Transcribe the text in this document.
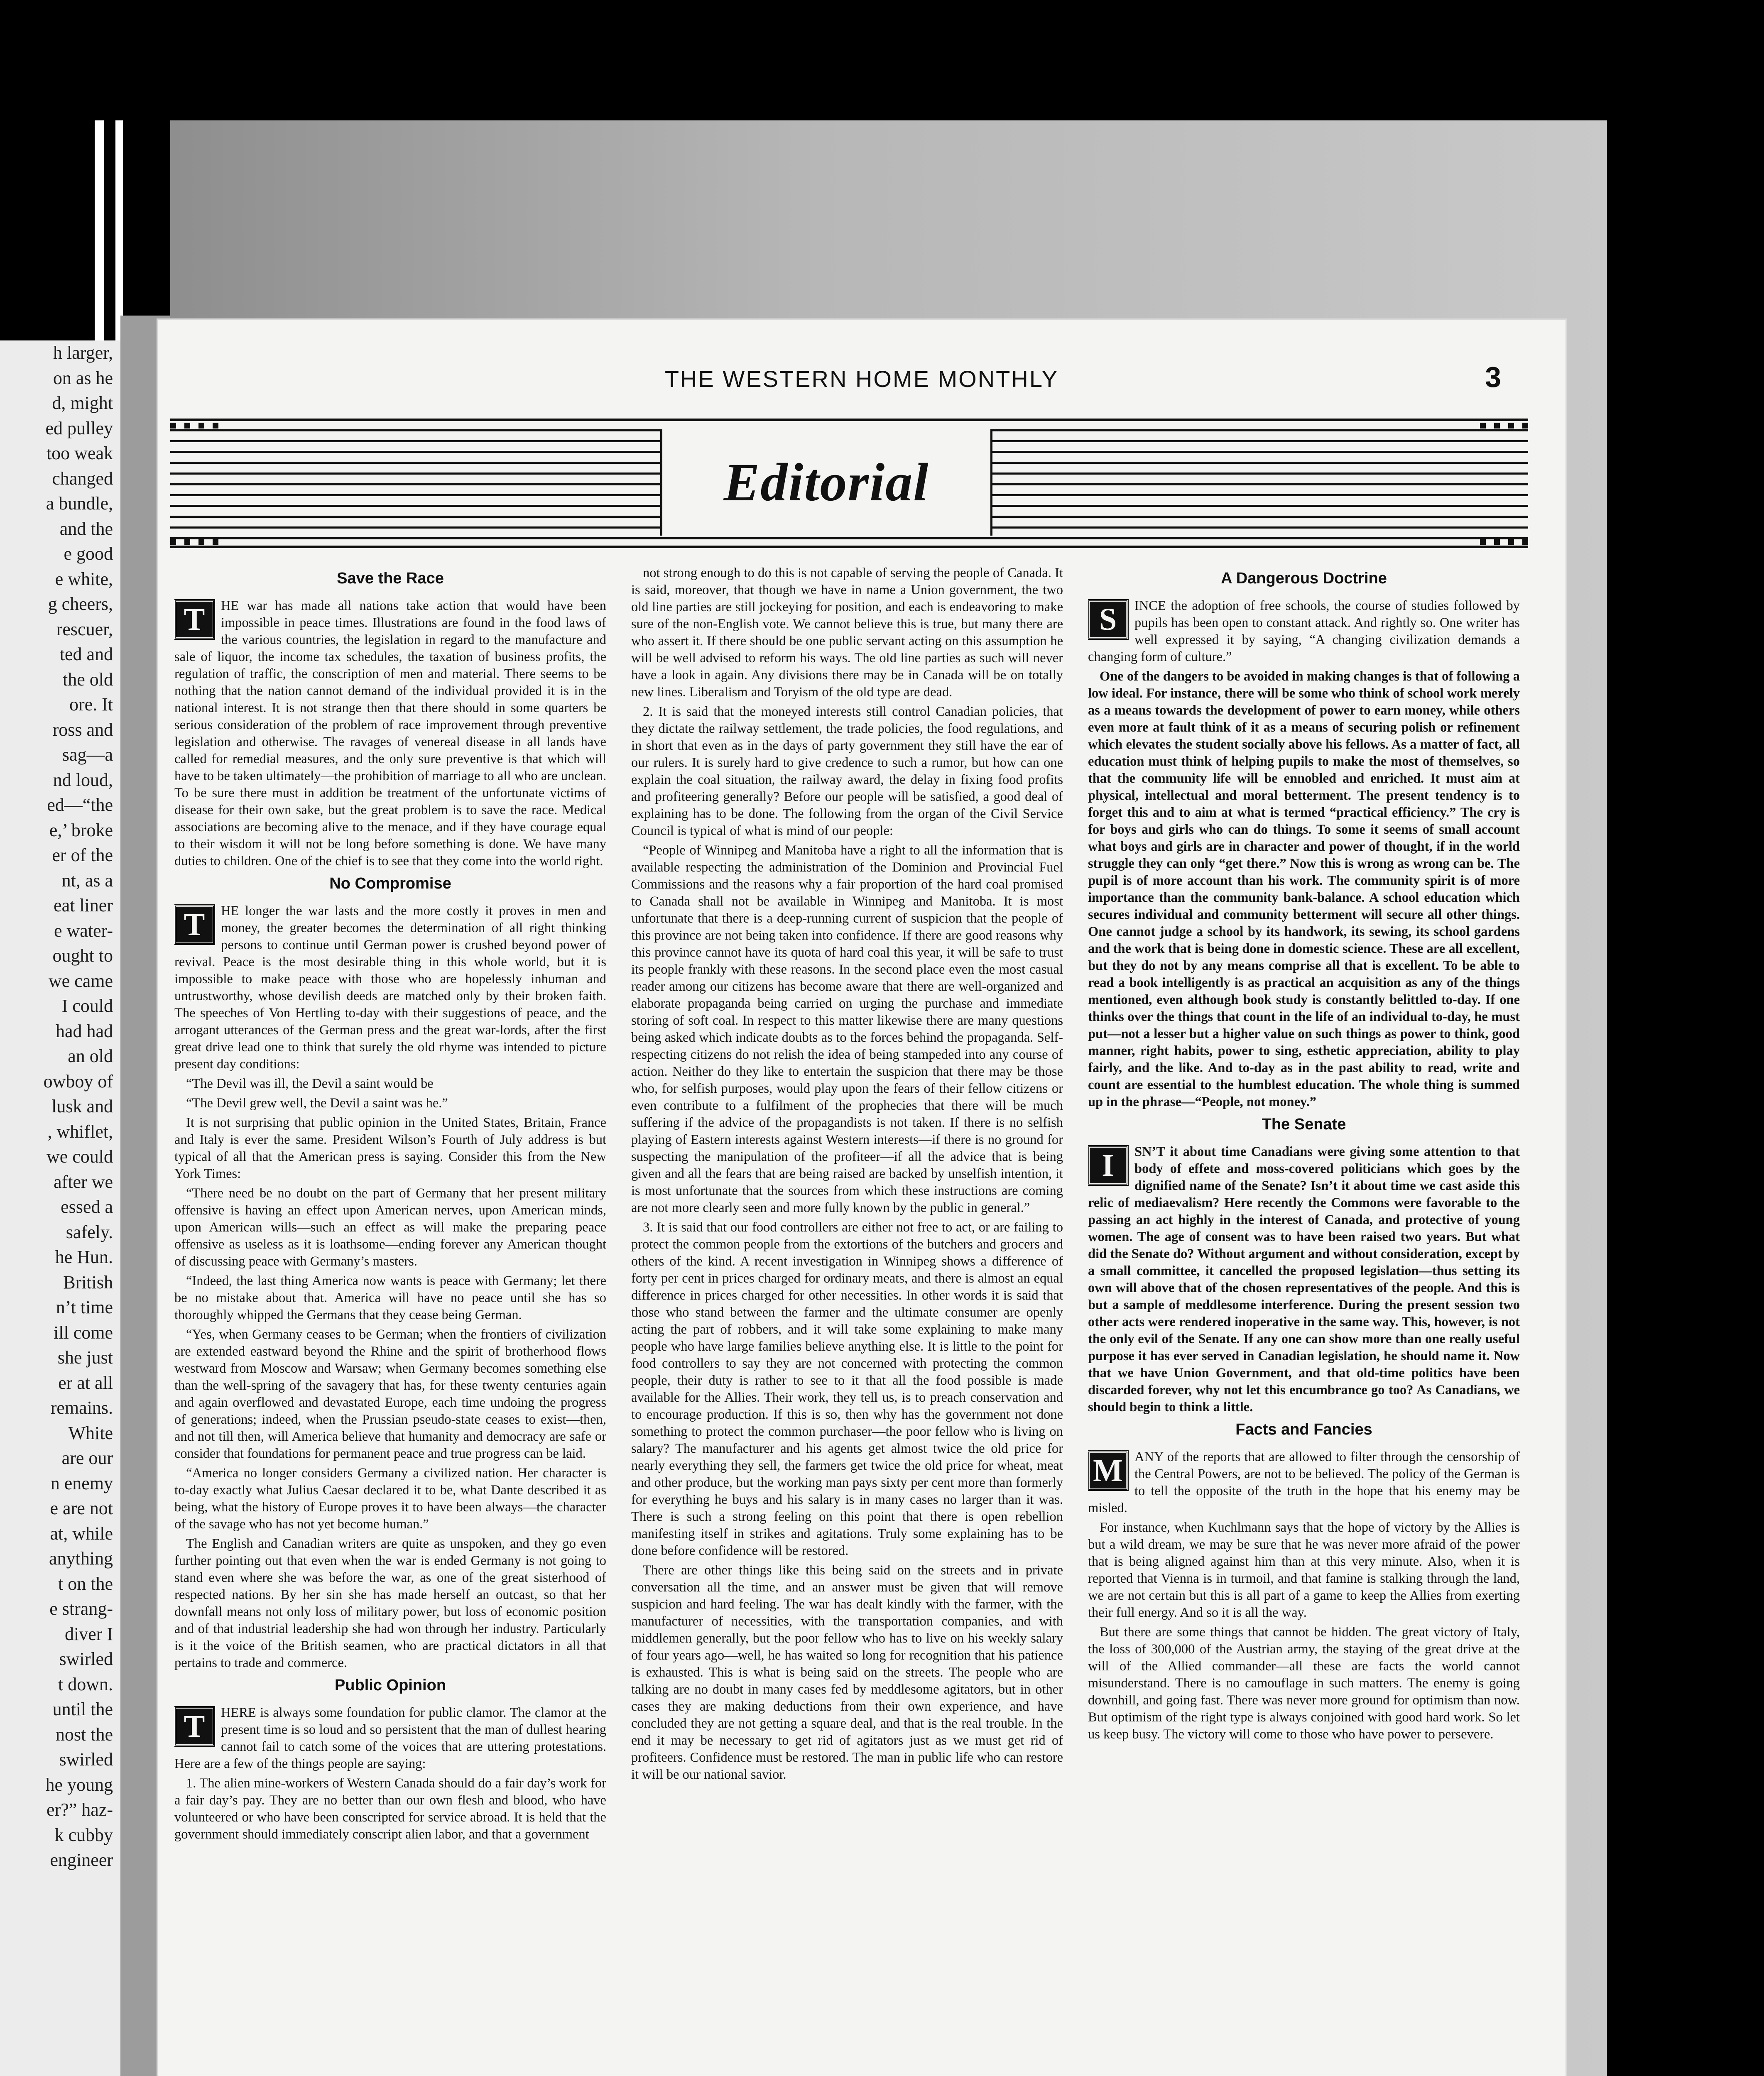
h larger,
on as he
d, might
ed pulley
too weak
changed
a bundle,
and the
e good
e white,
g cheers,
rescuer,
ted and
the old
ore. It
ross and
sag—a
nd loud,
ed—“the
e,’ broke
er of the
nt, as a
eat liner
e water-
ought to
we came
I could
had had
an old
owboy of
lusk and
, whiflet,
we could
after we
essed a
safely.
he Hun.
British
n’t time
ill come
she just
er at all
remains.
White
are our
n enemy
e are not
at, while
anything
t on the
e strang-
diver I
swirled
t down.
until the
nost the
swirled
he young
er?” haz-
k cubby
engineer
THE WESTERN HOME MONTHLY	3
Editorial
Save the Race
T	HE war has made all nations take action that would have been impossible in peace times. Illustrations are found in the food laws of the various countries, the legislation in regard to the manufacture and sale of liquor, the income tax schedules, the taxation of business profits, the regulation of traffic, the conscription of men and material. There seems to be nothing that the nation cannot demand of the individual provided it is in the national interest. It is not strange then that there should in some quarters be serious consideration of the problem of race improvement through preventive legislation and otherwise. The ravages of venereal disease in all lands have called for remedial measures, and the only sure preventive is that which will have to be taken ultimately—the prohibition of marriage to all who are unclean. To be sure there must in addition be treatment of the unfortunate victims of disease for their own sake, but the great problem is to save the race. Medical associations are becoming alive to the menace, and if they have courage equal to their wisdom it will not be long before something is done. We have many duties to children. One of the chief is to see that they come into the world right.
No Compromise
T	HE longer the war lasts and the more costly it proves in men and money, the greater becomes the determination of all right thinking persons to continue until German power is crushed beyond power of revival. Peace is the most desirable thing in this whole world, but it is impossible to make peace with those who are hopelessly inhuman and untrustworthy, whose devilish deeds are matched only by their broken faith. The speeches of Von Hertling to-day with their suggestions of peace, and the arrogant utterances of the German press and the great war-lords, after the first great drive lead one to think that surely the old rhyme was intended to picture present day conditions:
“The Devil was ill, the Devil a saint would be
“The Devil grew well, the Devil a saint was he.”
It is not surprising that public opinion in the United States, Britain, France and Italy is ever the same. President Wilson’s Fourth of July address is but typical of all that the American press is saying. Consider this from the New York Times:
“There need be no doubt on the part of Germany that her present military offensive is having an effect upon American nerves, upon American minds, upon American wills—such an effect as will make the preparing peace offensive as useless as it is loathsome—ending forever any American thought of discussing peace with Germany’s masters.
“Indeed, the last thing America now wants is peace with Germany; let there be no mistake about that. America will have no peace until she has so thoroughly whipped the Germans that they cease being German.
“Yes, when Germany ceases to be German; when the frontiers of civilization are extended eastward beyond the Rhine and the spirit of brotherhood flows westward from Moscow and Warsaw; when Germany becomes something else than the well-spring of the savagery that has, for these twenty centuries again and again overflowed and devastated Europe, each time undoing the progress of generations; indeed, when the Prussian pseudo-state ceases to exist—then, and not till then, will America believe that humanity and democracy are safe or consider that foundations for permanent peace and true progress can be laid.
“America no longer considers Germany a civilized nation. Her character is to-day exactly what Julius Caesar declared it to be, what Dante described it as being, what the history of Europe proves it to have been always—the character of the savage who has not yet become human.”
The English and Canadian writers are quite as unspoken, and they go even further pointing out that even when the war is ended Germany is not going to stand even where she was before the war, as one of the great sisterhood of respected nations. By her sin she has made herself an outcast, so that her downfall means not only loss of military power, but loss of economic position and of that industrial leadership she had won through her industry. Particularly is it the voice of the British seamen, who are practical dictators in all that pertains to trade and commerce.
Public Opinion
T	HERE is always some foundation for public clamor. The clamor at the present time is so loud and so persistent that the man of dullest hearing cannot fail to catch some of the voices that are uttering protestations. Here are a few of the things people are saying:
1. The alien mine-workers of Western Canada should do a fair day’s work for a fair day’s pay. They are no better than our own flesh and blood, who have volunteered or who have been conscripted for service abroad. It is held that the government should immediately conscript alien labor, and that a government
not strong enough to do this is not capable of serving the people of Canada. It is said, moreover, that though we have in name a Union government, the two old line parties are still jockeying for position, and each is endeavoring to make sure of the non-English vote. We cannot believe this is true, but many there are who assert it. If there should be one public servant acting on this assumption he will be well advised to reform his ways. The old line parties as such will never have a look in again. Any divisions there may be in Canada will be on totally new lines. Liberalism and Toryism of the old type are dead.
2. It is said that the moneyed interests still control Canadian policies, that they dictate the railway settlement, the trade policies, the food regulations, and in short that even as in the days of party government they still have the ear of our rulers. It is surely hard to give credence to such a rumor, but how can one explain the coal situation, the railway award, the delay in fixing food profits and profiteering generally? Before our people will be satisfied, a good deal of explaining has to be done. The following from the organ of the Civil Service Council is typical of what is mind of our people:
“People of Winnipeg and Manitoba have a right to all the information that is available respecting the administration of the Dominion and Provincial Fuel Commissions and the reasons why a fair proportion of the hard coal promised to Canada shall not be available in Winnipeg and Manitoba. It is most unfortunate that there is a deep-running current of suspicion that the people of this province are not being taken into confidence. If there are good reasons why this province cannot have its quota of hard coal this year, it will be safe to trust its people frankly with these reasons. In the second place even the most casual reader among our citizens has become aware that there are well-organized and elaborate propaganda being carried on urging the purchase and immediate storing of soft coal. In respect to this matter likewise there are many questions being asked which indicate doubts as to the forces behind the propaganda. Self-respecting citizens do not relish the idea of being stampeded into any course of action. Neither do they like to entertain the suspicion that there may be those who, for selfish purposes, would play upon the fears of their fellow citizens or even contribute to a fulfilment of the prophecies that there will be much suffering if the advice of the propagandists is not taken. If there is no selfish playing of Eastern interests against Western interests—if there is no ground for suspecting the manipulation of the profiteer—if all the advice that is being given and all the fears that are being raised are backed by unselfish intention, it is most unfortunate that the sources from which these instructions are coming are not more clearly seen and more fully known by the public in general.”
3. It is said that our food controllers are either not free to act, or are failing to protect the common people from the extortions of the butchers and grocers and others of the kind. A recent investigation in Winnipeg shows a difference of forty per cent in prices charged for ordinary meats, and there is almost an equal difference in prices charged for other necessities. In other words it is said that those who stand between the farmer and the ultimate consumer are openly acting the part of robbers, and it will take some explaining to make many people who have large families believe anything else. It is little to the point for food controllers to say they are not concerned with protecting the common people, their duty is rather to see to it that all the food possible is made available for the Allies. Their work, they tell us, is to preach conservation and to encourage production. If this is so, then why has the government not done something to protect the common purchaser—the poor fellow who is living on salary? The manufacturer and his agents get almost twice the old price for nearly everything they sell, the farmers get twice the old price for wheat, meat and other produce, but the working man pays sixty per cent more than formerly for everything he buys and his salary is in many cases no larger than it was. There is such a strong feeling on this point that there is open rebellion manifesting itself in strikes and agitations. Truly some explaining has to be done before confidence will be restored.
There are other things like this being said on the streets and in private conversation all the time, and an answer must be given that will remove suspicion and hard feeling. The war has dealt kindly with the farmer, with the manufacturer of necessities, with the transportation companies, and with middlemen generally, but the poor fellow who has to live on his weekly salary of four years ago—well, he has waited so long for recognition that his patience is exhausted. This is what is being said on the streets. The people who are talking are no doubt in many cases fed by meddlesome agitators, but in other cases they are making deductions from their own experience, and have concluded they are not getting a square deal, and that is the real trouble. In the end it may be necessary to get rid of agitators just as we must get rid of profiteers. Confidence must be restored. The man in public life who can restore it will be our national savior.
A Dangerous Doctrine
S	INCE the adoption of free schools, the course of studies followed by pupils has been open to constant attack. And rightly so. One writer has well expressed it by saying, “A changing civilization demands a changing form of culture.”
One of the dangers to be avoided in making changes is that of following a low ideal. For instance, there will be some who think of school work merely as a means towards the development of power to earn money, while others even more at fault think of it as a means of securing polish or refinement which elevates the student socially above his fellows. As a matter of fact, all education must think of helping pupils to make the most of themselves, so that the community life will be ennobled and enriched. It must aim at physical, intellectual and moral betterment. The present tendency is to forget this and to aim at what is termed “practical efficiency.” The cry is for boys and girls who can do things. To some it seems of small account what boys and girls are in character and power of thought, if in the world struggle they can only “get there.” Now this is wrong as wrong can be. The pupil is of more account than his work. The community spirit is of more importance than the community bank-balance. A school education which secures individual and community betterment will secure all other things. One cannot judge a school by its handwork, its sewing, its school gardens and the work that is being done in domestic science. These are all excellent, but they do not by any means comprise all that is excellent. To be able to read a book intelligently is as practical an acquisition as any of the things mentioned, even although book study is constantly belittled to-day. If one thinks over the things that count in the life of an individual to-day, he must put—not a lesser but a higher value on such things as power to think, good manner, right habits, power to sing, esthetic appreciation, ability to play fairly, and the like. And to-day as in the past ability to read, write and count are essential to the humblest education. The whole thing is summed up in the phrase—“People, not money.”
The Senate
I	SN’T it about time Canadians were giving some attention to that body of effete and moss-covered politicians which goes by the dignified name of the Senate? Isn’t it about time we cast aside this relic of mediaevalism? Here recently the Commons were favorable to the passing an act highly in the interest of Canada, and protective of young women. The age of consent was to have been raised two years. But what did the Senate do? Without argument and without consideration, except by a small committee, it cancelled the proposed legislation—thus setting its own will above that of the chosen representatives of the people. And this is but a sample of meddlesome interference. During the present session two other acts were rendered inoperative in the same way. This, however, is not the only evil of the Senate. If any one can show more than one really useful purpose it has ever served in Canadian legislation, he should name it. Now that we have Union Government, and that old-time politics have been discarded forever, why not let this encumbrance go too? As Canadians, we should begin to think a little.
Facts and Fancies
M ANY of the reports that are allowed to filter through the censorship of the Central Powers, are not to be believed. The policy of the German is to tell the opposite of the truth in the hope that his enemy may be misled.
For instance, when Kuchlmann says that the hope of victory by the Allies is but a wild dream, we may be sure that he was never more afraid of the power that is being aligned against him than at this very minute. Also, when it is reported that Vienna is in turmoil, and that famine is stalking through the land, we are not certain but this is all part of a game to keep the Allies from exerting their full energy. And so it is all the way.
But there are some things that cannot be hidden. The great victory of Italy, the loss of 300,000 of the Austrian army, the staying of the great drive at the will of the Allied commander—all these are facts the world cannot misunderstand. There is no camouflage in such matters. The enemy is going downhill, and going fast. There was never more ground for optimism than now. But optimism of the right type is always conjoined with good hard work. So let us keep busy. The victory will come to those who have power to persevere.
